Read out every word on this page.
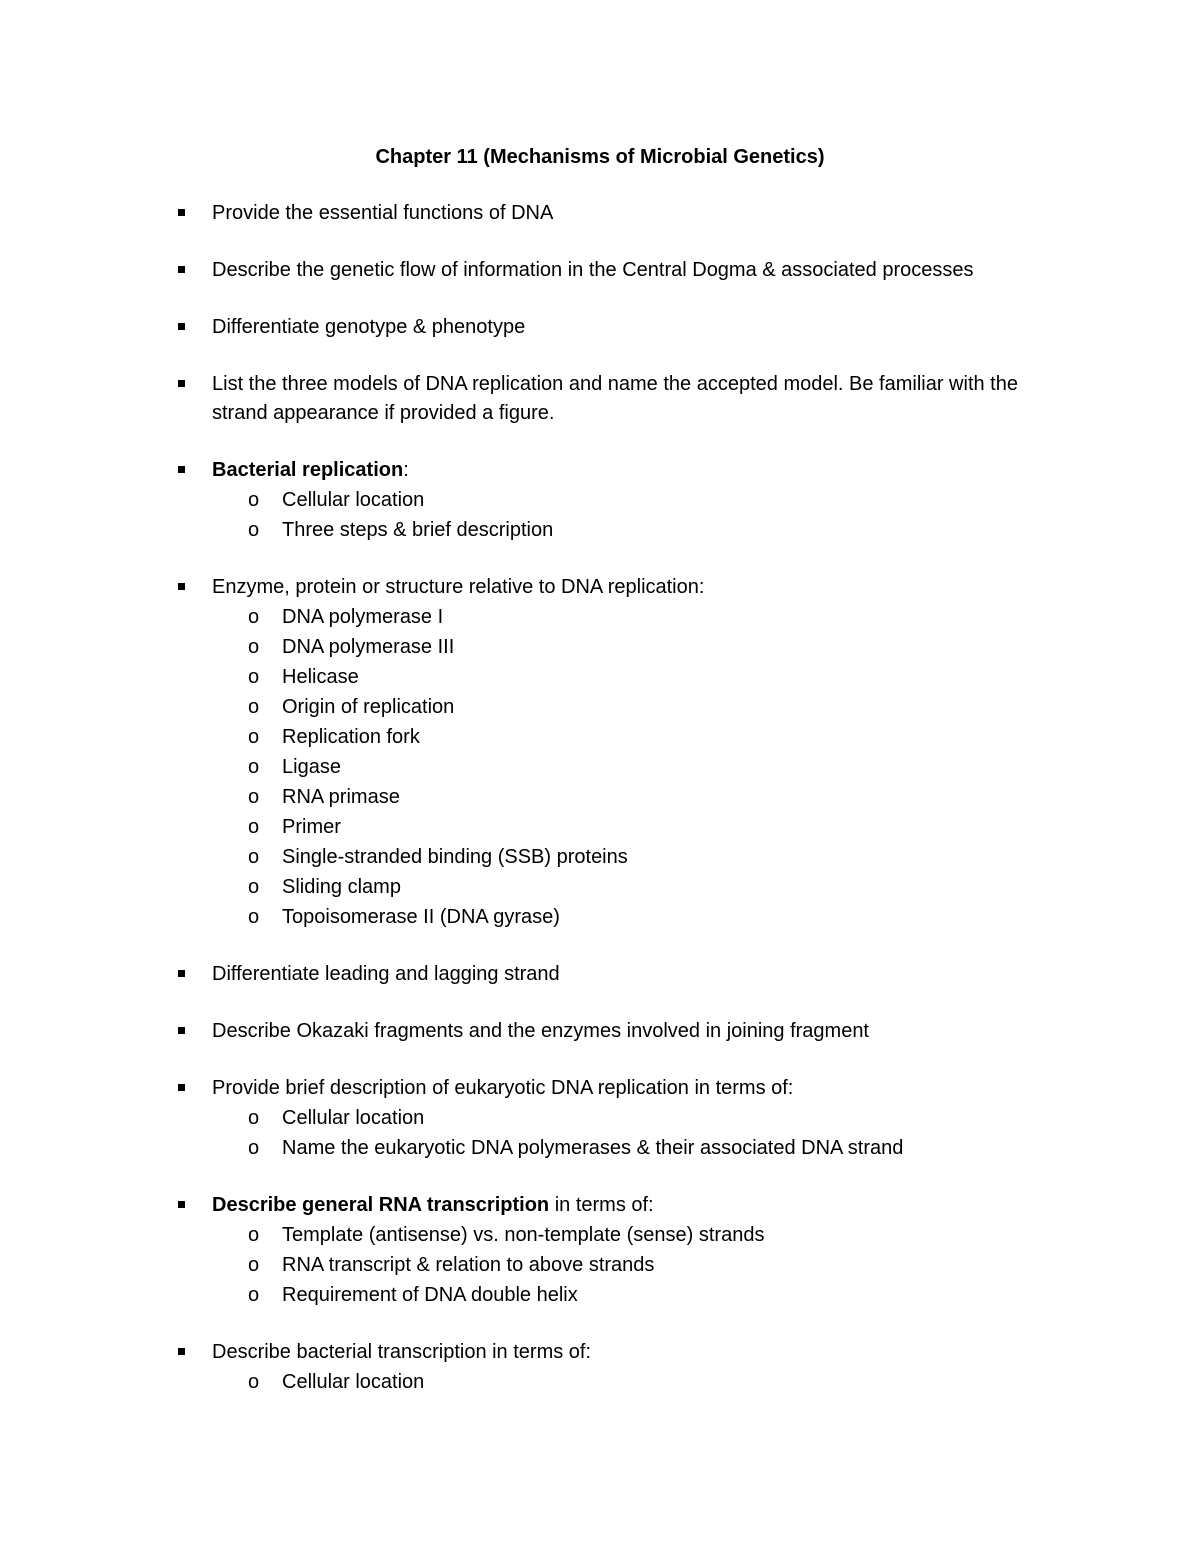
Chapter 11 (Mechanisms of Microbial Genetics)
Provide the essential functions of DNA
Describe the genetic flow of information in the Central Dogma & associated processes
Differentiate genotype & phenotype
List the three models of DNA replication and name the accepted model. Be familiar with the strand appearance if provided a figure.
Bacterial replication:
o Cellular location
o Three steps & brief description
Enzyme, protein or structure relative to DNA replication:
o DNA polymerase I
o DNA polymerase III
o Helicase
o Origin of replication
o Replication fork
o Ligase
o RNA primase
o Primer
o Single-stranded binding (SSB) proteins
o Sliding clamp
o Topoisomerase II (DNA gyrase)
Differentiate leading and lagging strand
Describe Okazaki fragments and the enzymes involved in joining fragment
Provide brief description of eukaryotic DNA replication in terms of:
o Cellular location
o Name the eukaryotic DNA polymerases & their associated DNA strand
Describe general RNA transcription in terms of:
o Template (antisense) vs. non-template (sense) strands
o RNA transcript & relation to above strands
o Requirement of DNA double helix
Describe bacterial transcription in terms of:
o Cellular location
